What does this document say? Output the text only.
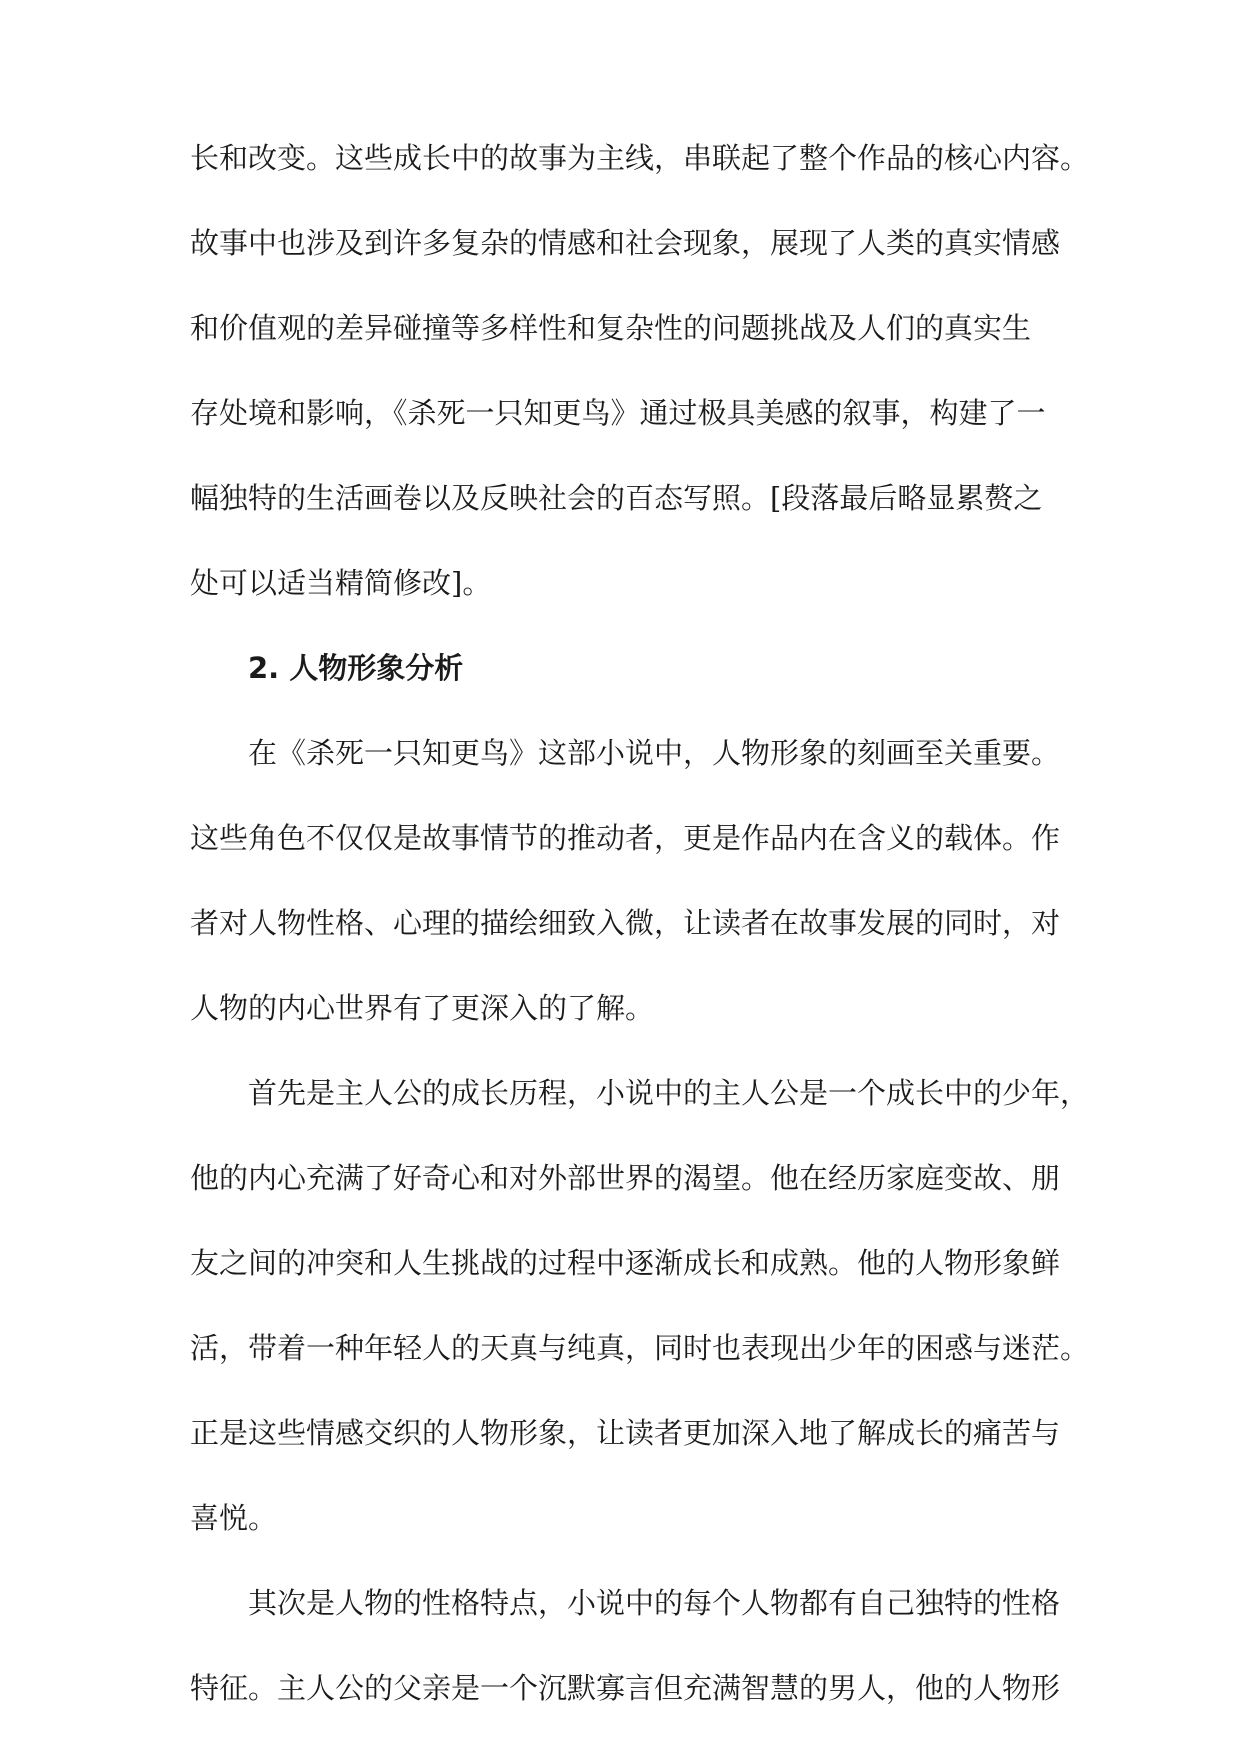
长和改变。这些成长中的故事为主线，串联起了整个作品的核心内容。
故事中也涉及到许多复杂的情感和社会现象，展现了人类的真实情感
和价值观的差异碰撞等多样性和复杂性的问题挑战及人们的真实生
存处境和影响，《杀死一只知更鸟》通过极具美感的叙事，构建了一
幅独特的生活画卷以及反映社会的百态写照。[段落最后略显累赘之
处可以适当精简修改]。
2. 人物形象分析
在《杀死一只知更鸟》这部小说中，人物形象的刻画至关重要。
这些角色不仅仅是故事情节的推动者，更是作品内在含义的载体。作
者对人物性格、心理的描绘细致入微，让读者在故事发展的同时，对
人物的内心世界有了更深入的了解。
首先是主人公的成长历程，小说中的主人公是一个成长中的少年，
他的内心充满了好奇心和对外部世界的渴望。他在经历家庭变故、朋
友之间的冲突和人生挑战的过程中逐渐成长和成熟。他的人物形象鲜
活，带着一种年轻人的天真与纯真，同时也表现出少年的困惑与迷茫。
正是这些情感交织的人物形象，让读者更加深入地了解成长的痛苦与
喜悦。
其次是人物的性格特点，小说中的每个人物都有自己独特的性格
特征。主人公的父亲是一个沉默寡言但充满智慧的男人，他的人物形
